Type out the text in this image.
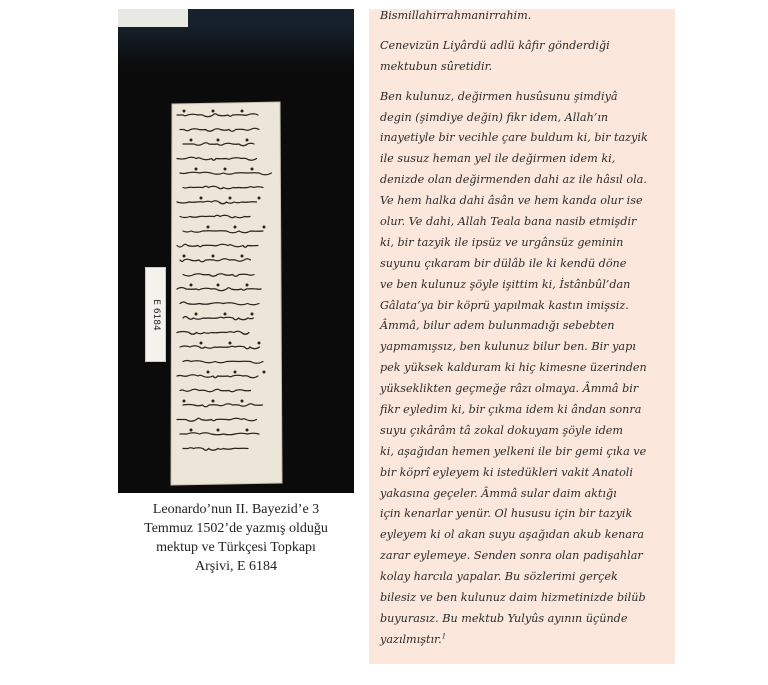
E 6184
Leonardo’nun II. Bayezid’e 3
Temmuz 1502’de yazmış olduğu
mektup ve Türkçesi Topkapı
Arşivi, E 6184
Bismillahirrahmanirrahim.
Cenevizün Liyârdü adlü kâfir gönderdiği
mektubun sûretidir.
Ben kulunuz, değirmen husûsunu şimdiyâ
degin (şimdiye değin) fikr idem, Allah’ın
inayetiyle bir vecihle çare buldum ki, bir tazyik
ile susuz heman yel ile değirmen idem ki,
denizde olan değirmenden dahi az ile hâsıl ola.
Ve hem halka dahi âsân ve hem kanda olur ise
olur. Ve dahi, Allah Teala bana nasib etmişdir
ki, bir tazyik ile ipsüz ve urgânsüz geminin
suyunu çıkaram bir dülâb ile ki kendü döne
ve ben kulunuz şöyle işittim ki, İstânbûl’dan
Gâlata’ya bir köprü yapılmak kastın imişsiz.
Âmmâ, bilur adem bulunmadığı sebebten
yapmamışsız, ben kulunuz bilur ben. Bir yapı
pek yüksek kalduram ki hiç kimesne üzerinden
yükseklikten geçmeğe râzı olmaya. Âmmâ bir
fikr eyledim ki, bir çıkma idem ki ândan sonra
suyu çıkârâm tâ zokal dokuyam şöyle idem
ki, aşağıdan hemen yelkeni ile bir gemi çıka ve
bir köprî eyleyem ki istedükleri vakit Anatoli
yakasına geçeler. Âmmâ sular daim aktığı
için kenarlar yenür. Ol hususu için bir tazyik
eyleyem ki ol akan suyu aşağıdan akub kenara
zarar eylemeye. Senden sonra olan padişahlar
kolay harcıla yapalar. Bu sözlerimi gerçek
bilesiz ve ben kulunuz daim hizmetinizde bilüb
buyurasız. Bu mektub Yulyûs ayının üçünde
yazılmıştır.$^1$
